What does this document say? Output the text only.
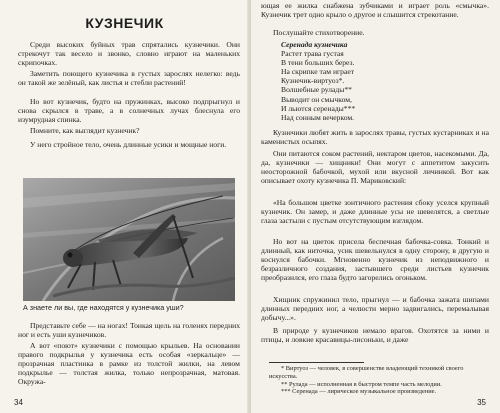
КУЗНЕЧИК

Среди высоких буйных трав спрятались кузнечики. Они стрекочут так весело и звонко, словно играют на маленьких скрипочках.

Заметить поющего кузнечика в густых зарослях нелегко: ведь он такой же зелёный, как листья и стебли растений!

Но вот кузнечик, будто на пружинках, высоко подпрыгнул и снова скрылся в траве, а в солнечных лучах блеснула его изумрудная спинка.

Помните, как выглядит кузнечик?

У него стройное тело, очень длинные усики и мощные ноги.

А знаете ли вы, где находятся у кузнечика уши?

Представьте себе — на ногах! Тонкая щель на голенях передних ног и есть уши кузнечиков.

А вот «поют» кузнечики с помощью крыльев. На основании правого подкрылья у кузнечика есть особая «зеркальце» — прозрачная пластинка в рамке из толстой жилки, на левом подкрылье — толстая жилка, только непрозрачная, матовая. Окружа-

34

ющая ее жилка снабжена зубчиками и играет роль «смычка». Кузнечик трет одно крыло о другое и слышится стрекотание.

Послушайте стихотворение.

Серенада кузнечика
Растет трава густая
В тени больших берез.
На скрипке там играет
Кузнечик-виртуоз*.
Волшебные рулады**
Выводит он смычком,
И льются серенады***
Над сонным вечерком.

Кузнечики любят жить в зарослях травы, густых кустарниках и на каменистых осыпях.

Они питаются соком растений, нектаром цветов, насекомыми. Да, да, кузнечики — хищники! Они могут с аппетитом закусить неосторожной бабочкой, мухой или вкусной личинкой. Вот как описывает охоту кузнечика П. Мариковский:

«На большом цветке зонтичного растения сбоку уселся крупный кузнечик. Он замер, и даже длинные усы не шевелятся, а светлые глаза застыли с пустым отсутствующим взглядом.

Но вот на цветок присела беспечная бабочка-совка. Тонкий и длинный, как ниточка, усик шевельнулся в одну сторону, в другую и коснулся бабочки. Мгновенно кузнечик из неподвижного и безразличного создания, застывшего среди листьев кузнечик преобразился, его глаза будто загорелись огоньком.

Хищник спружинил тело, прыгнул — и бабочка зажата шипами длинных передних ног, а челюсти мерно задвигались, перемалывая добычу...».

В природе у кузнечиков немало врагов. Охотятся за ними и птицы, и ловкие красавицы-лисоньки, и даже

* Виртуоз — человек, в совершенстве владеющий техникой своего искусства.
** Рулада — исполненная в быстром темпе часть мелодии.
*** Серенада — лирическое музыкальное произведение.
35
